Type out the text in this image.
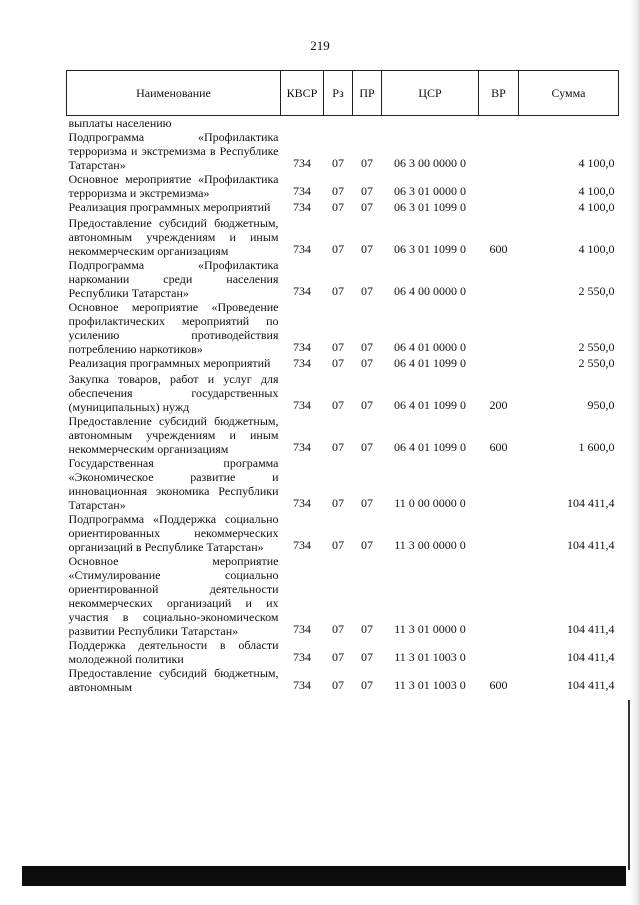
219
Наименование	КВСР	Рз	ПР	ЦСР	ВР	Сумма
выплаты населению						
Подпрограмма «Профилактика терроризма и экстремизма в Республике Татарстан»	734	07	07	06 3 00 0000 0		4 100,0
Основное мероприятие «Профилактика терроризма и экстремизма»	734	07	07	06 3 01 0000 0		4 100,0
Реализация программных мероприятий	734	07	07	06 3 01 1099 0		4 100,0
Предоставление субсидий бюджетным, автономным учреждениям и иным некоммерческим организациям	734	07	07	06 3 01 1099 0	600	4 100,0
Подпрограмма «Профилактика наркомании среди населения Республики Татарстан»	734	07	07	06 4 00 0000 0		2 550,0
Основное мероприятие «Проведение профилактических мероприятий по усилению противодействия потреблению наркотиков»	734	07	07	06 4 01 0000 0		2 550,0
Реализация программных мероприятий	734	07	07	06 4 01 1099 0		2 550,0
Закупка товаров, работ и услуг для обеспечения государственных (муниципальных) нужд	734	07	07	06 4 01 1099 0	200	950,0
Предоставление субсидий бюджетным, автономным учреждениям и иным некоммерческим организациям	734	07	07	06 4 01 1099 0	600	1 600,0
Государственная программа «Экономическое развитие и инновационная экономика Республики Татарстан»	734	07	07	11 0 00 0000 0		104 411,4
Подпрограмма «Поддержка социально ориентированных некоммерческих организаций в Республике Татарстан»	734	07	07	11 3 00 0000 0		104 411,4
Основное мероприятие «Стимулирование социально ориентированной деятельности некоммерческих организаций и их участия в социально-экономическом развитии Республики Татарстан»	734	07	07	11 3 01 0000 0		104 411,4
Поддержка деятельности в области молодежной политики	734	07	07	11 3 01 1003 0		104 411,4
Предоставление субсидий бюджетным, автономным	734	07	07	11 3 01 1003 0	600	104 411,4
